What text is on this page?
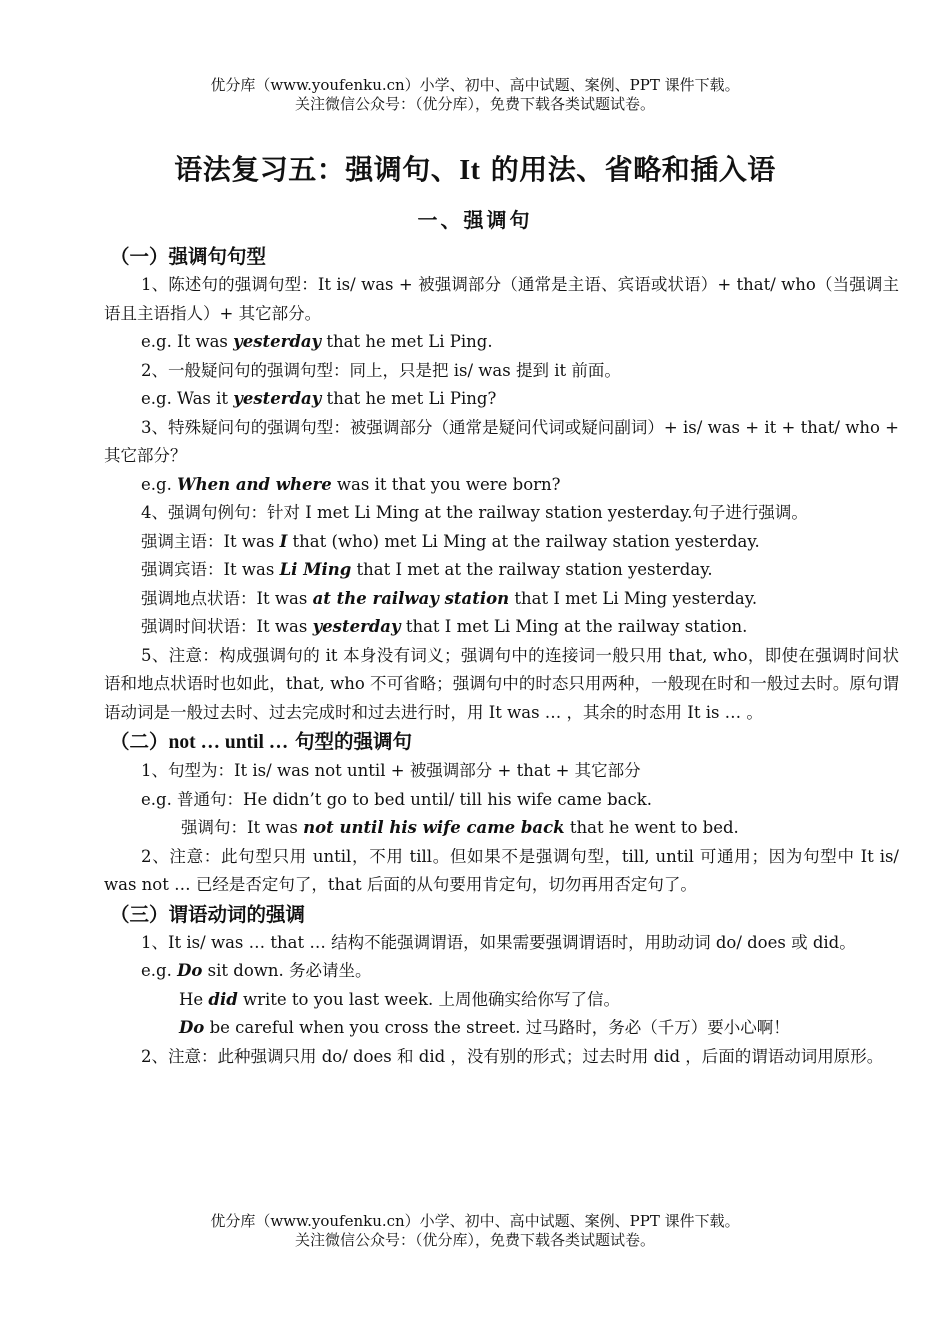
优分库（www.youfenku.cn）小学、初中、高中试题、案例、PPT 课件下载。
关注微信公众号：（优分库），免费下载各类试题试卷。
语法复习五：强调句、It 的用法、省略和插入语
一、强调句
（一）强调句句型

1、陈述句的强调句型：It is/ was + 被强调部分（通常是主语、宾语或状语）+ that/ who（当强调主语且主语指人）+ 其它部分。

e.g. It was yesterday that he met Li Ping.

2、一般疑问句的强调句型：同上，只是把 is/ was 提到 it 前面。

e.g. Was it yesterday that he met Li Ping?

3、特殊疑问句的强调句型：被强调部分（通常是疑问代词或疑问副词）+ is/ was + it + that/ who + 其它部分？

e.g. When and where was it that you were born?

4、强调句例句：针对 I met Li Ming at the railway station yesterday.句子进行强调。

强调主语：It was I that (who) met Li Ming at the railway station yesterday.

强调宾语：It was Li Ming that I met at the railway station yesterday.

强调地点状语：It was at the railway station that I met Li Ming yesterday.

强调时间状语：It was yesterday that I met Li Ming at the railway station.

5、注意：构成强调句的 it 本身没有词义；强调句中的连接词一般只用 that, who，即使在强调时间状语和地点状语时也如此，that, who 不可省略；强调句中的时态只用两种，一般现在时和一般过去时。原句谓语动词是一般过去时、过去完成时和过去进行时，用 It was … ，其余的时态用 It is … 。

（二）not … until … 句型的强调句

1、句型为：It is/ was not until + 被强调部分 + that + 其它部分

e.g. 普通句：He didn’t go to bed until/ till his wife came back.

强调句：It was not until his wife came back that he went to bed.

2、注意：此句型只用 until，不用 till。但如果不是强调句型，till, until 可通用；因为句型中 It is/ was not … 已经是否定句了，that 后面的从句要用肯定句，切勿再用否定句了。

（三）谓语动词的强调

1、It is/ was … that … 结构不能强调谓语，如果需要强调谓语时，用助动词 do/ does 或 did。

e.g. Do sit down. 务必请坐。

He did write to you last week. 上周他确实给你写了信。

Do be careful when you cross the street. 过马路时，务必（千万）要小心啊！

2、注意：此种强调只用 do/ does 和 did ，没有别的形式；过去时用 did ，后面的谓语动词用原形。

优分库（www.youfenku.cn）小学、初中、高中试题、案例、PPT 课件下载。
关注微信公众号：（优分库），免费下载各类试题试卷。
